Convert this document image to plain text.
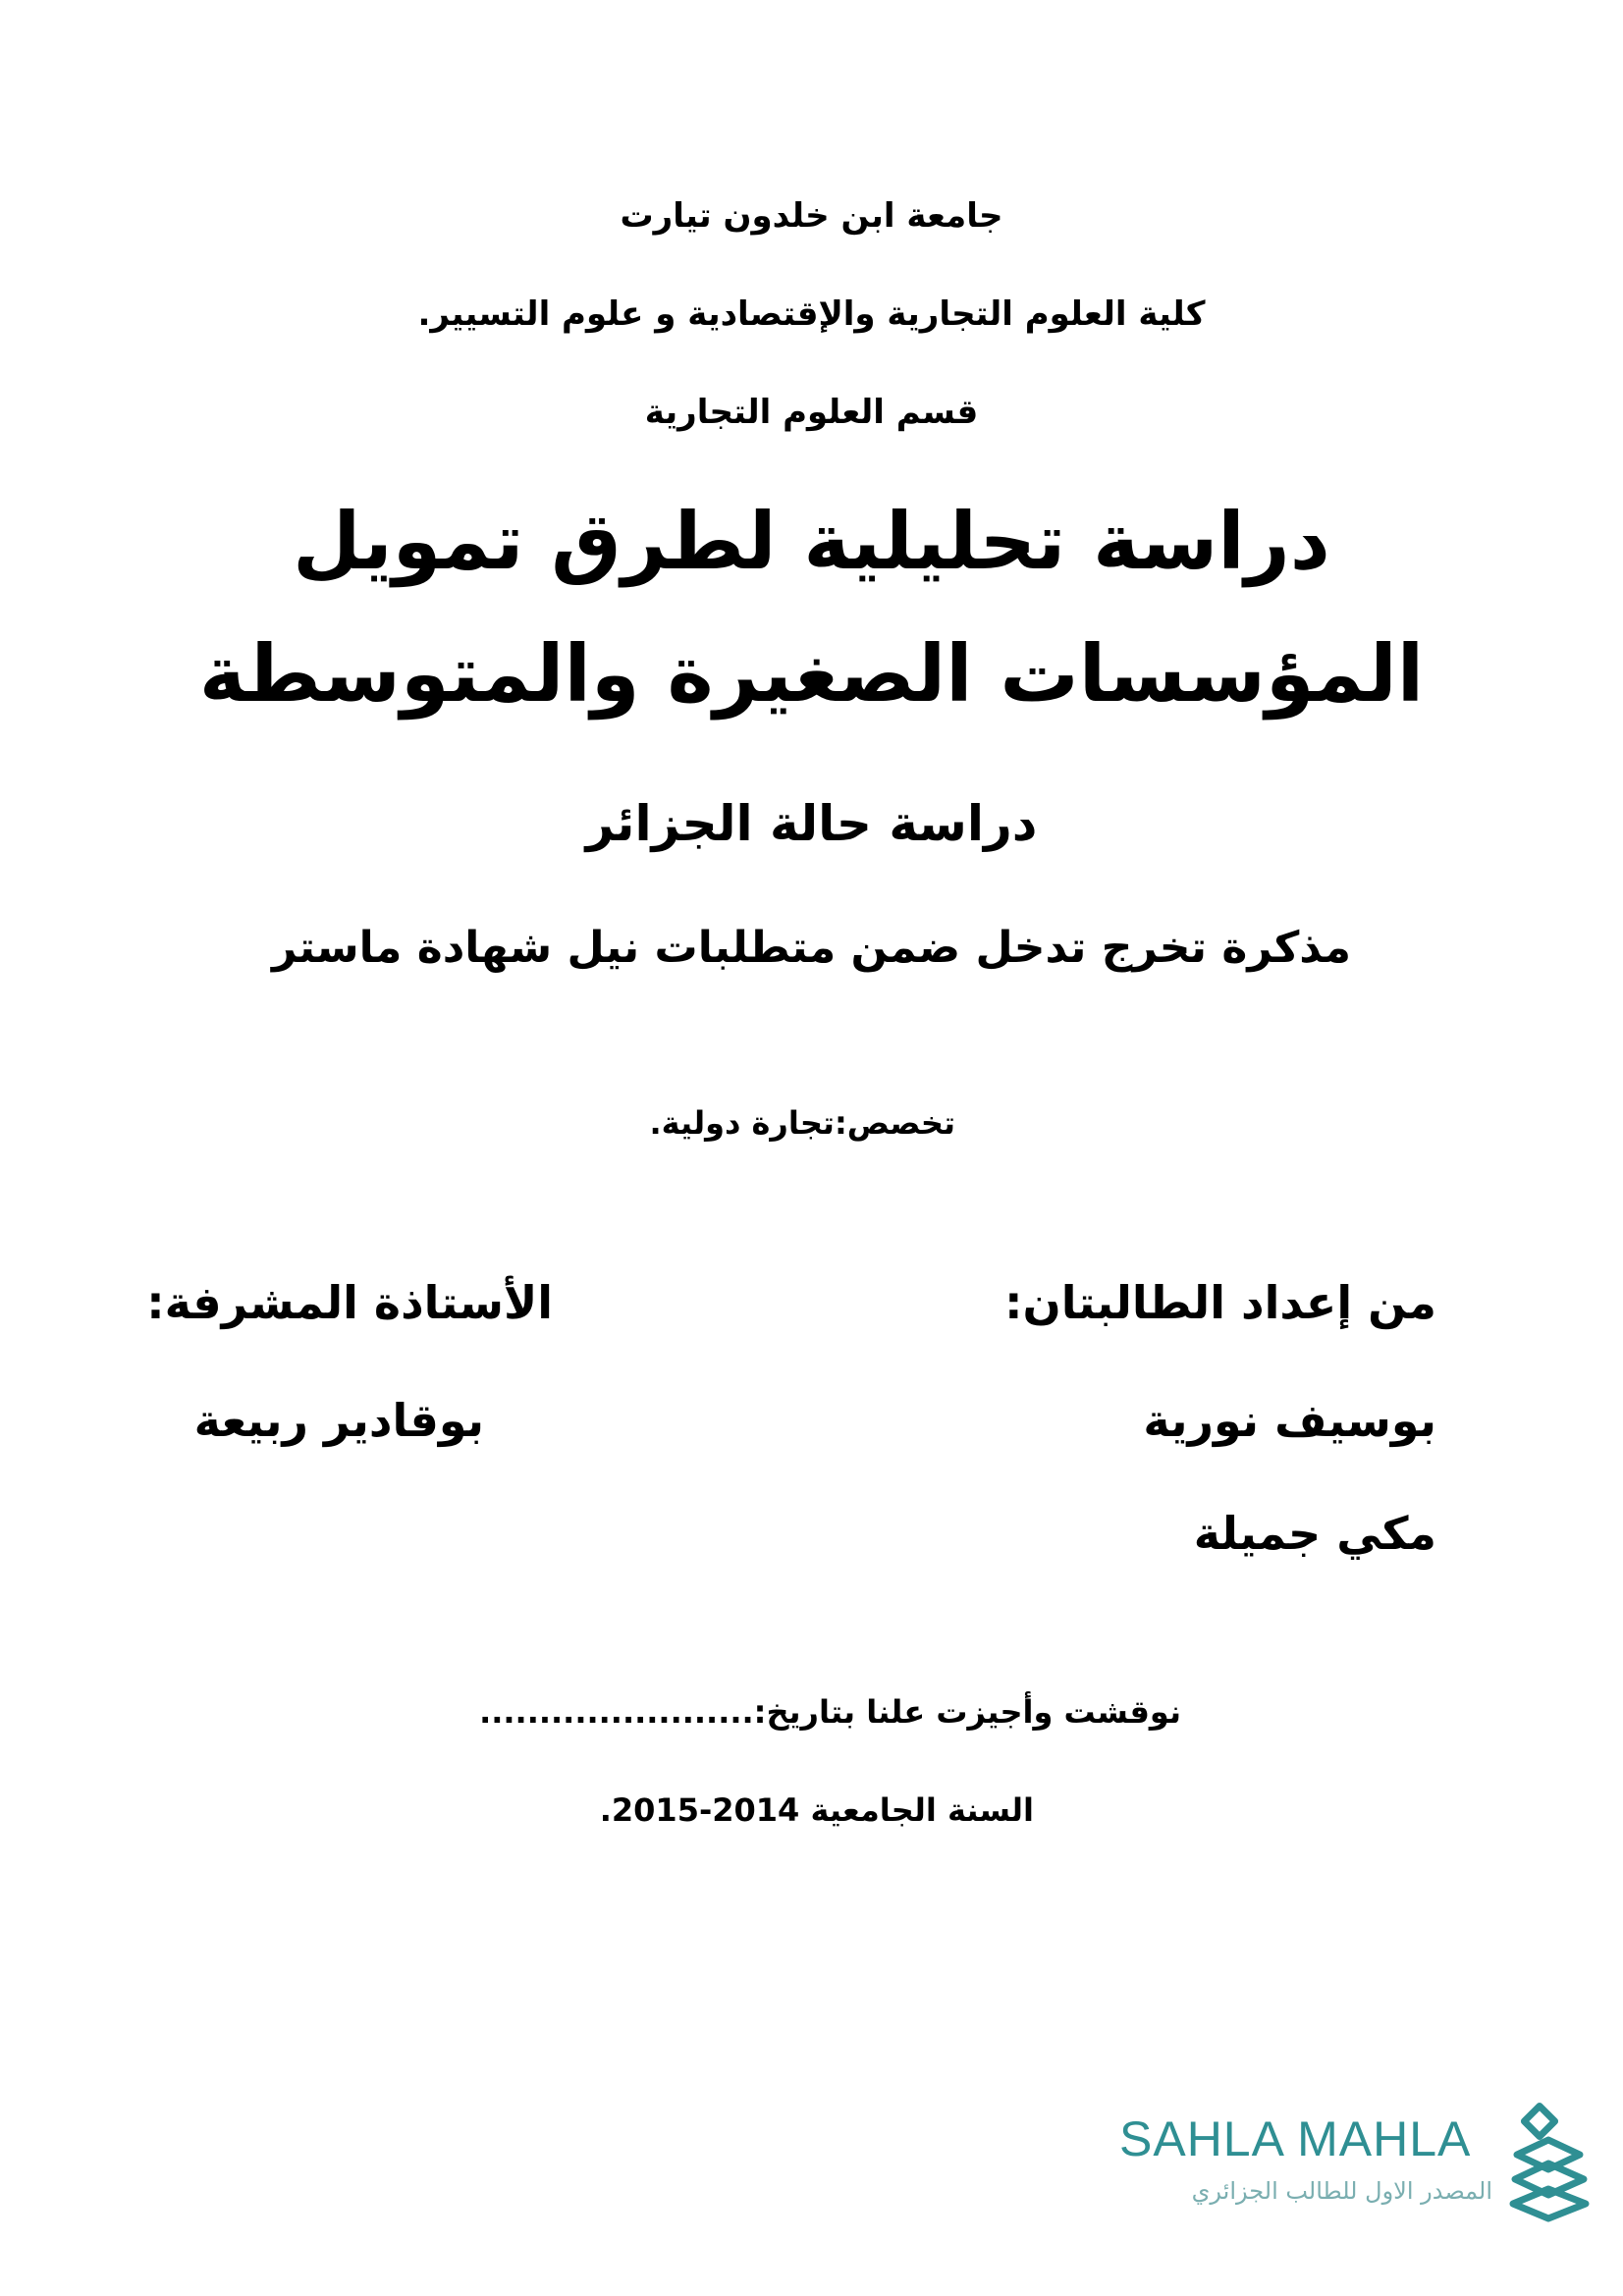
جامعة ابن خلدون تيارت
كلية العلوم التجارية والإقتصادية و علوم التسيير.
قسم العلوم التجارية
دراسة تحليلية لطرق تمويل
المؤسسات الصغيرة والمتوسطة
دراسة حالة الجزائر
مذكرة تخرج تدخل ضمن متطلبات نيل شهادة ماستر
تخصص:تجارة دولية.
من إعداد الطالبتان:
بوسيف نورية
مكي جميلة
الأستاذة المشرفة:
بوقادير ربيعة
نوقشت وأجيزت علنا بتاريخ:.......................
السنة الجامعية 2014-2015.
SAHLA MAHLA
المصدر الاول للطالب الجزائري
